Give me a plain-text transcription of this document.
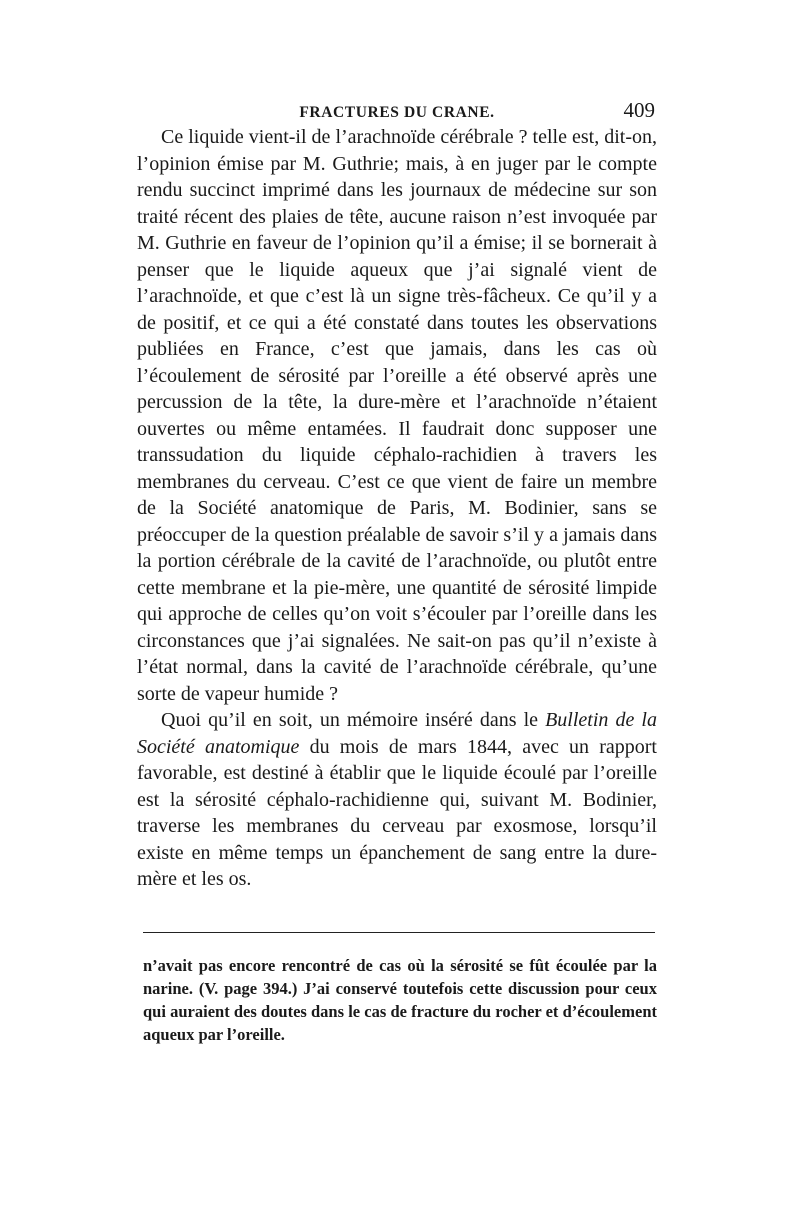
FRACTURES DU CRANE.	409

Ce liquide vient-il de l’arachnoïde cérébrale ? telle est, dit-on, l’opinion émise par M. Guthrie; mais, à en juger par le compte rendu succinct imprimé dans les journaux de médecine sur son traité récent des plaies de tête, aucune raison n’est invoquée par M. Guthrie en faveur de l’opinion qu’il a émise; il se bornerait à penser que le liquide aqueux que j’ai signalé vient de l’arachnoïde, et que c’est là un signe très-fâcheux. Ce qu’il y a de positif, et ce qui a été constaté dans toutes les observations publiées en France, c’est que jamais, dans les cas où l’écoulement de sérosité par l’oreille a été observé après une percussion de la tête, la dure-mère et l’arachnoïde n’étaient ouvertes ou même entamées. Il faudrait donc supposer une transsudation du liquide céphalo-rachidien à travers les membranes du cerveau. C’est ce que vient de faire un membre de la Société anatomique de Paris, M. Bodinier, sans se préoccuper de la question préalable de savoir s’il y a jamais dans la portion cérébrale de la cavité de l’arachnoïde, ou plutôt entre cette membrane et la pie-mère, une quantité de sérosité limpide qui approche de celles qu’on voit s’écouler par l’oreille dans les circonstances que j’ai signalées. Ne sait-on pas qu’il n’existe à l’état normal, dans la cavité de l’arachnoïde cérébrale, qu’une sorte de vapeur humide ?

Quoi qu’il en soit, un mémoire inséré dans le Bulletin de la Société anatomique du mois de mars 1844, avec un rapport favorable, est destiné à établir que le liquide écoulé par l’oreille est la sérosité céphalo-rachidienne qui, suivant M. Bodinier, traverse les membranes du cerveau par exosmose, lorsqu’il existe en même temps un épanchement de sang entre la dure-mère et les os.

n’avait pas encore rencontré de cas où la sérosité se fût écoulée par la narine. (V. page 394.) J’ai conservé toutefois cette discussion pour ceux qui auraient des doutes dans le cas de fracture du rocher et d’écoulement aqueux par l’oreille.
